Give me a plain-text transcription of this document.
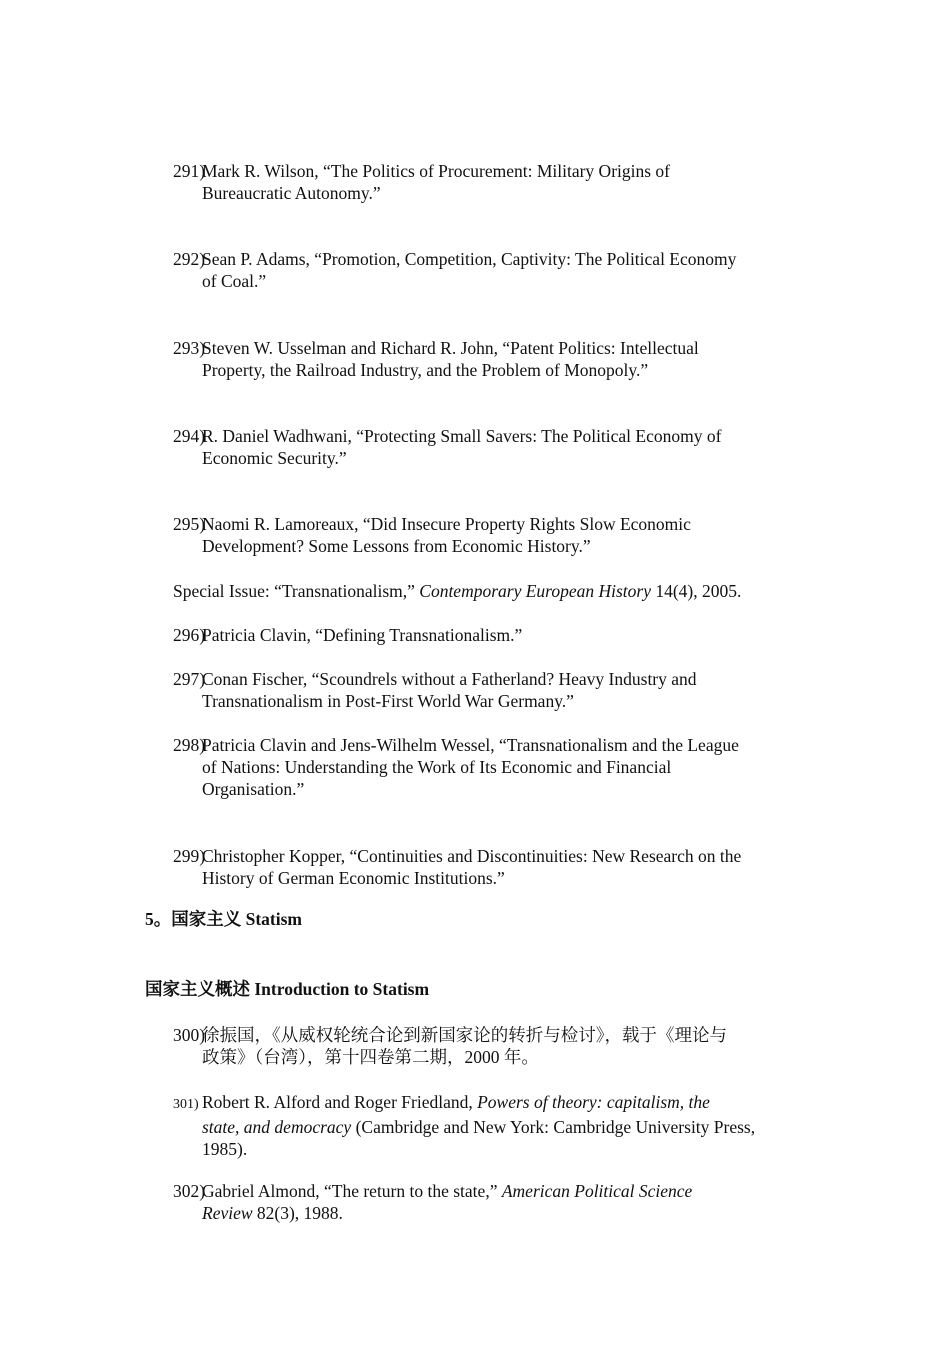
291)Mark R. Wilson, “The Politics of Procurement: Military Origins of
Bureaucratic Autonomy.”
292)Sean P. Adams, “Promotion, Competition, Captivity: The Political Economy
of Coal.”
293)Steven W. Usselman and Richard R. John, “Patent Politics: Intellectual
Property, the Railroad Industry, and the Problem of Monopoly.”
294)R. Daniel Wadhwani, “Protecting Small Savers: The Political Economy of
Economic Security.”
295)Naomi R. Lamoreaux, “Did Insecure Property Rights Slow Economic
Development? Some Lessons from Economic History.”
Special Issue: “Transnationalism,” Contemporary European History 14(4), 2005.
296)Patricia Clavin, “Defining Transnationalism.”
297)Conan Fischer, “Scoundrels without a Fatherland? Heavy Industry and
Transnationalism in Post-First World War Germany.”
298)Patricia Clavin and Jens-Wilhelm Wessel, “Transnationalism and the League
of Nations: Understanding the Work of Its Economic and Financial
Organisation.”
299)Christopher Kopper, “Continuities and Discontinuities: New Research on the
History of German Economic Institutions.”
5。国家主义 Statism
国家主义概述 Introduction to Statism
300)徐振国，《从威权轮统合论到新国家论的转折与检讨》，载于《理论与
政策》（台湾），第十四卷第二期，2000 年。
301) Robert R. Alford and Roger Friedland, Powers of theory: capitalism, the
state, and democracy (Cambridge and New York: Cambridge University Press,
1985).
302)Gabriel Almond, “The return to the state,” American Political Science
Review 82(3), 1988.
